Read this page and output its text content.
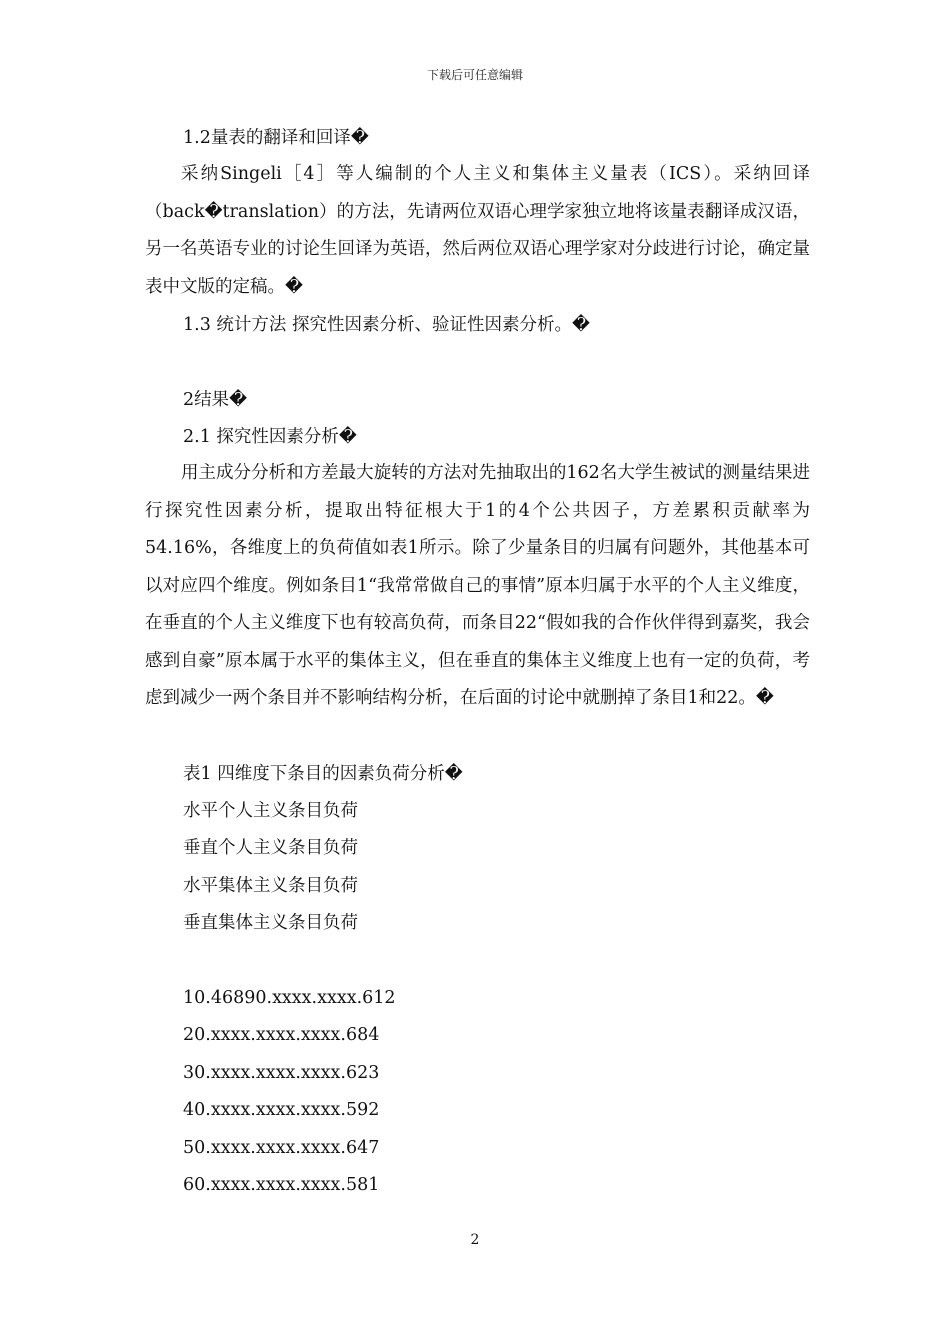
下载后可任意编辑
1.2量表的翻译和回译�

采纳Singeli［4］等人编制的个人主义和集体主义量表（ICS）。采纳回译（back�translation）的方法，先请两位双语心理学家独立地将该量表翻译成汉语，另一名英语专业的讨论生回译为英语，然后两位双语心理学家对分歧进行讨论，确定量表中文版的定稿。�

1.3 统计方法 探究性因素分析、验证性因素分析。�
2结果�
2.1 探究性因素分析�

用主成分分析和方差最大旋转的方法对先抽取出的162名大学生被试的测量结果进行探究性因素分析，提取出特征根大于1的4个公共因子，方差累积贡献率为54.16%，各维度上的负荷值如表1所示。除了少量条目的归属有问题外，其他基本可以对应四个维度。例如条目1“我常常做自己的事情”原本归属于水平的个人主义维度，在垂直的个人主义维度下也有较高负荷，而条目22“假如我的合作伙伴得到嘉奖，我会感到自豪”原本属于水平的集体主义，但在垂直的集体主义维度上也有一定的负荷，考虑到减少一两个条目并不影响结构分析，在后面的讨论中就删掉了条目1和22。�

表1 四维度下条目的因素负荷分析�
水平个人主义条目负荷
垂直个人主义条目负荷
水平集体主义条目负荷
垂直集体主义条目负荷
10.46890.xxxx.xxxx.612
20.xxxx.xxxx.xxxx.684
30.xxxx.xxxx.xxxx.623
40.xxxx.xxxx.xxxx.592
50.xxxx.xxxx.xxxx.647
60.xxxx.xxxx.xxxx.581
2
